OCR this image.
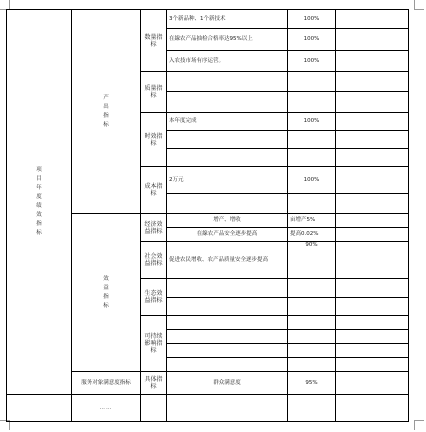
项目年度绩效指标	产出指标	数量指标	3个新品种、1个新技术	100%	
			在線农产品抽检合格率达95%以上	100%	
			入农技市场有序运营。	100%	
		质量指标			

		时效指标	本年度完成	100%	

		成本指标	2万元	100%	

	效益指标	经济效益指标	增产、增收	亩增产5%	
			在線农产品安全逐步提高	提高0.02%	
		社会效益指标	促进农民增收、农产品质量安全逐步提高	90%	
		生态效益指标			

		可持续影响指标			

	服务对象满意度指标	具体指标	群众满意度	95%	
	……				
